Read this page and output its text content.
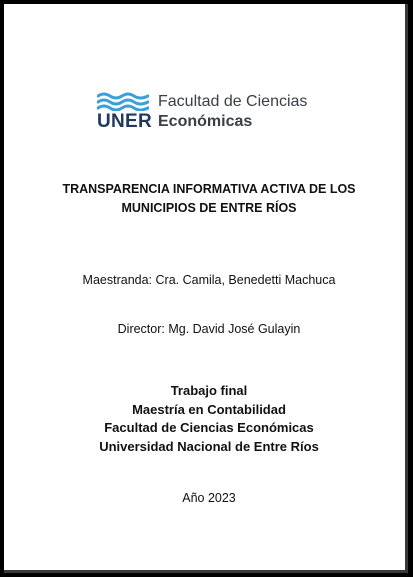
UNER
Facultad de Ciencias
Económicas
TRANSPARENCIA INFORMATIVA ACTIVA DE LOS
MUNICIPIOS DE ENTRE RÍOS
Maestranda: Cra. Camila, Benedetti Machuca
Director: Mg. David José Gulayin
Trabajo final
Maestría en Contabilidad
Facultad de Ciencias Económicas
Universidad Nacional de Entre Ríos
Año 2023
